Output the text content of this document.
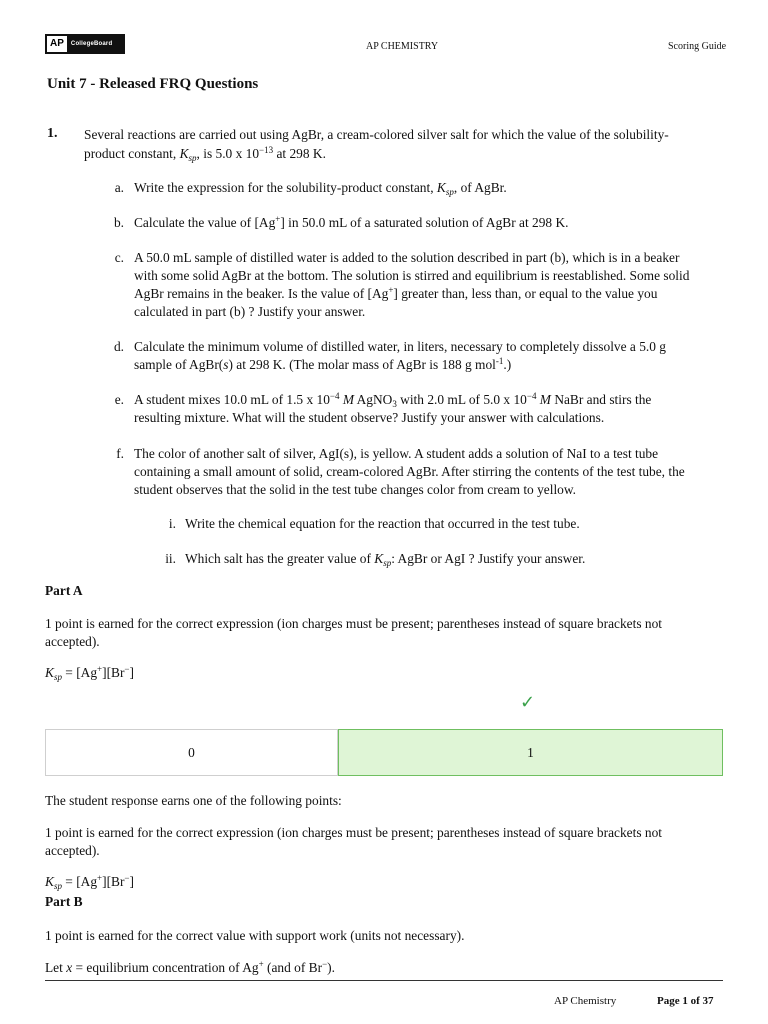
AP	CollegeBoard	AP CHEMISTRY	Scoring Guide
Unit 7 - Released FRQ Questions
1. Several reactions are carried out using AgBr, a cream-colored silver salt for which the value of the solubility-
product constant, $K_{sp}$, is 5.0 x $10^{-13}$ at 298 K.
a. Write the expression for the solubility-product constant, $K_{sp}$, of AgBr.
b. Calculate the value of [Ag+] in 50.0 mL of a saturated solution of AgBr at 298 K.
c. A 50.0 mL sample of distilled water is added to the solution described in part (b), which is in a beaker
with some solid AgBr at the bottom. The solution is stirred and equilibrium is reestablished. Some solid
AgBr remains in the beaker. Is the value of [Ag+] greater than, less than, or equal to the value you
calculated in part (b) ? Justify your answer.
d. Calculate the minimum volume of distilled water, in liters, necessary to completely dissolve a 5.0 g
sample of AgBr(s) at 298 K. (The molar mass of AgBr is 188 g mol$^{-1}$.)
e. A student mixes 10.0 mL of 1.5 x $10^{-4}$ M AgNO$_3$ with 2.0 mL of 5.0 x $10^{-4}$ M NaBr and stirs the
resulting mixture. What will the student observe? Justify your answer with calculations.
f. The color of another salt of silver, AgI(s), is yellow. A student adds a solution of NaI to a test tube
containing a small amount of solid, cream-colored AgBr. After stirring the contents of the test tube, the
student observes that the solid in the test tube changes color from cream to yellow.
i. Write the chemical equation for the reaction that occurred in the test tube.
ii. Which salt has the greater value of $K_{sp}$: AgBr or AgI ? Justify your answer.
Part A
1 point is earned for the correct expression (ion charges must be present; parentheses instead of square brackets not
accepted).
$K_{sp} = [Ag^+][Br^-]$
✓
0	1
The student response earns one of the following points:
1 point is earned for the correct expression (ion charges must be present; parentheses instead of square brackets not
accepted).
$K_{sp} = [Ag^+][Br^-]$
Part B
1 point is earned for the correct value with support work (units not necessary).
Let x = equilibrium concentration of Ag+ (and of Br−).
AP Chemistry	Page 1 of 37
